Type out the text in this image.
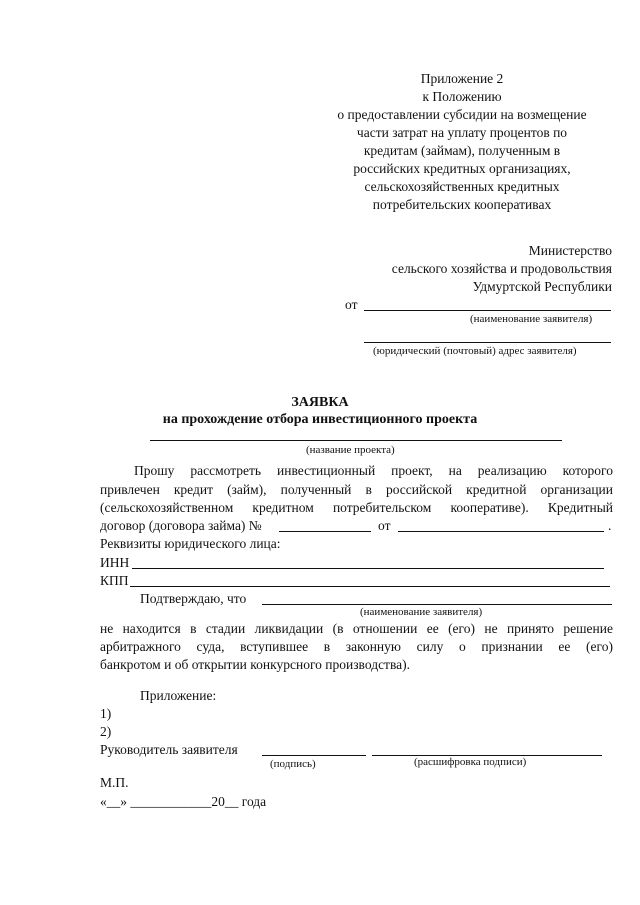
Приложение 2
к Положению
о предоставлении субсидии на возмещение
части затрат на уплату процентов по
кредитам (займам), полученным в
российских кредитных организациях,
сельскохозяйственных кредитных
потребительских кооперативах
Министерство
сельского хозяйства и продовольствия
Удмуртской Республики
от
(наименование заявителя)
(юридический (почтовый) адрес заявителя)
ЗАЯВКА
на прохождение отбора инвестиционного проекта
(название проекта)
Прошу рассмотреть инвестиционный проект, на реализацию которого
привлечен кредит (займ), полученный в российской кредитной организации
(сельскохозяйственном кредитном потребительском кооперативе). Кредитный
договор (договора займа) №	от	.
Реквизиты юридического лица:
ИНН
КПП
Подтверждаю, что
(наименование заявителя)
не находится в стадии ликвидации (в отношении ее (его) не принято решение
арбитражного суда, вступившее в законную силу о признании ее (его)
банкротом и об открытии конкурсного производства).
Приложение:
1)
2)
Руководитель заявителя
(подпись)	(расшифровка подписи)
М.П.
«__» ____________20__ года
